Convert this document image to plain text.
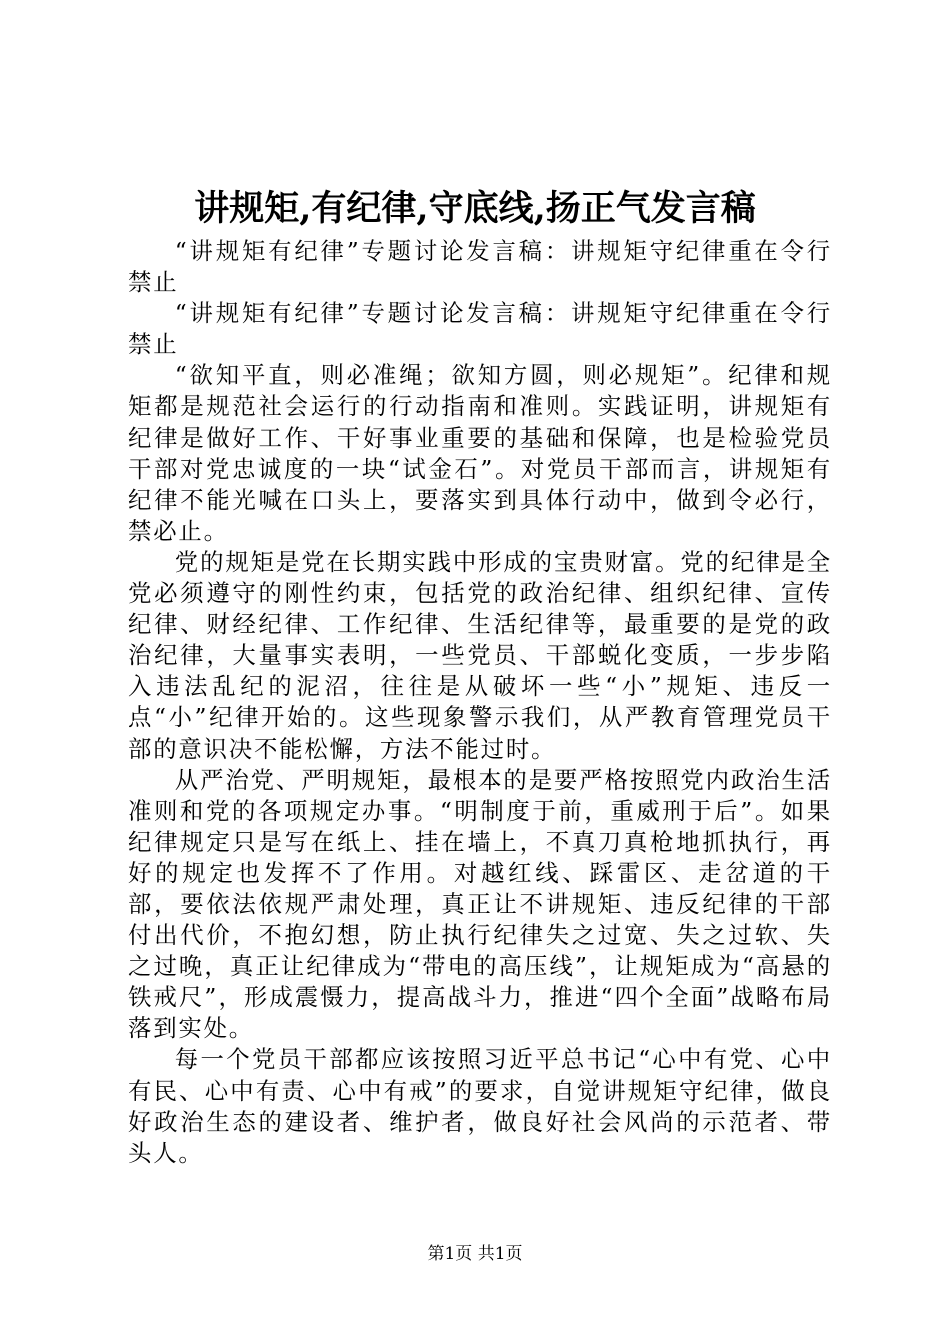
讲规矩,有纪律,守底线,扬正气发言稿

“讲规矩有纪律”专题讨论发言稿：讲规矩守纪律重在令行禁止

“讲规矩有纪律”专题讨论发言稿：讲规矩守纪律重在令行禁止

“欲知平直，则必准绳；欲知方圆，则必规矩”。纪律和规矩都是规范社会运行的行动指南和准则。实践证明，讲规矩有纪律是做好工作、干好事业重要的基础和保障，也是检验党员干部对党忠诚度的一块“试金石”。对党员干部而言，讲规矩有纪律不能光喊在口头上，要落实到具体行动中，做到令必行，禁必止。

党的规矩是党在长期实践中形成的宝贵财富。党的纪律是全党必须遵守的刚性约束，包括党的政治纪律、组织纪律、宣传纪律、财经纪律、工作纪律、生活纪律等，最重要的是党的政治纪律，大量事实表明，一些党员、干部蜕化变质，一步步陷入违法乱纪的泥沼，往往是从破坏一些“小”规矩、违反一点“小”纪律开始的。这些现象警示我们，从严教育管理党员干部的意识决不能松懈，方法不能过时。

从严治党、严明规矩，最根本的是要严格按照党内政治生活准则和党的各项规定办事。“明制度于前，重威刑于后”。如果纪律规定只是写在纸上、挂在墙上，不真刀真枪地抓执行，再好的规定也发挥不了作用。对越红线、踩雷区、走岔道的干部，要依法依规严肃处理，真正让不讲规矩、违反纪律的干部付出代价，不抱幻想，防止执行纪律失之过宽、失之过软、失之过晚，真正让纪律成为“带电的高压线”，让规矩成为“高悬的铁戒尺”，形成震慑力，提高战斗力，推进“四个全面”战略布局落到实处。

每一个党员干部都应该按照习近平总书记“心中有党、心中有民、心中有责、心中有戒”的要求，自觉讲规矩守纪律，做良好政治生态的建设者、维护者，做良好社会风尚的示范者、带头人。

第1页 共1页
